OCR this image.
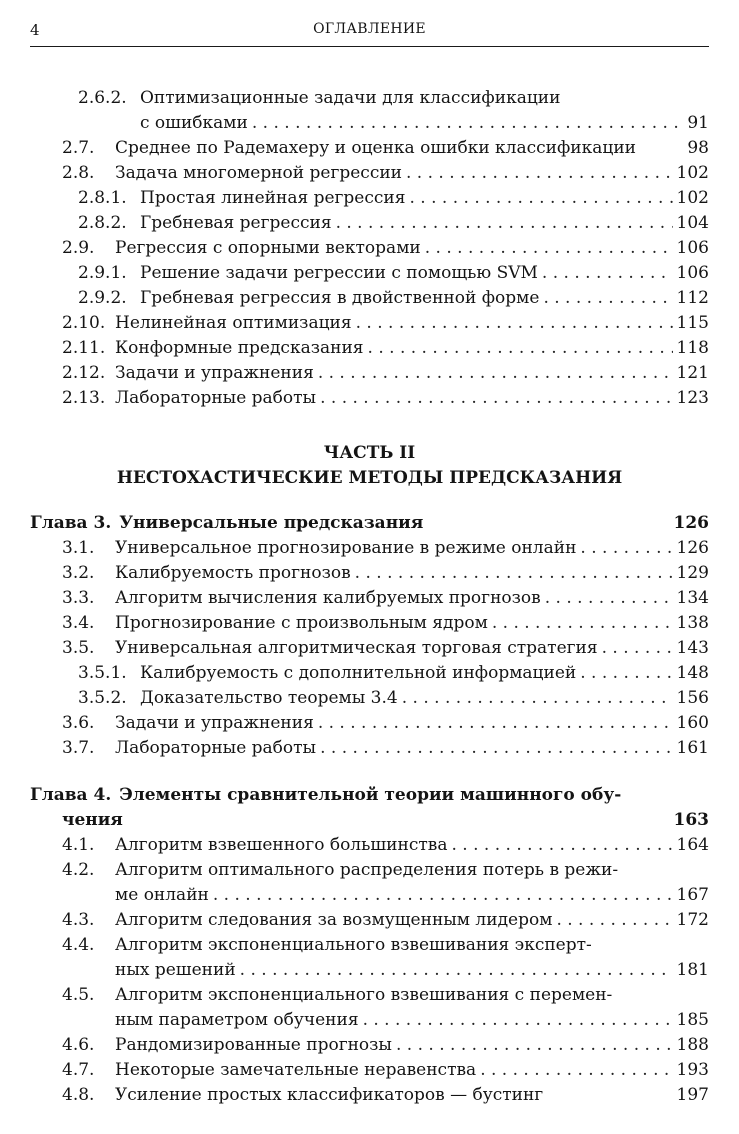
4	ОГЛАВЛЕНИЕ
2.6.2. Оптимизационные задачи для классификации
с ошибками . . .	91
2.7.	Среднее по Радемахеру и оценка ошибки классификации	98
2.8.	Задача многомерной регрессии . . .	102
2.8.1. Простая линейная регрессия . . .	102
2.8.2. Гребневая регрессия . . .	104
2.9.	Регрессия с опорными векторами . . .	106
2.9.1. Решение задачи регрессии с помощью SVM . . .	106
2.9.2. Гребневая регрессия в двойственной форме . . .	112
2.10. Нелинейная оптимизация . . .	115
2.11. Конформные предсказания . . .	118
2.12. Задачи и упражнения . . .	121
2.13. Лабораторные работы . . .	123
ЧАСТЬ II
НЕСТОХАСТИЧЕСКИЕ МЕТОДЫ ПРЕДСКАЗАНИЯ
Глава 3. Универсальные предсказания	126
3.1.	Универсальное прогнозирование в режиме онлайн . . .	126
3.2.	Калибруемость прогнозов . . .	129
3.3.	Алгоритм вычисления калибруемых прогнозов . . .	134
3.4.	Прогнозирование с произвольным ядром . . .	138
3.5.	Универсальная алгоритмическая торговая стратегия . . .	143
3.5.1. Калибруемость с дополнительной информацией . . .	148
3.5.2. Доказательство теоремы 3.4 . . .	156
3.6.	Задачи и упражнения . . .	160
3.7.	Лабораторные работы . . .	161
Глава 4. Элементы сравнительной теории машинного обу-
чения	163
4.1.	Алгоритм взвешенного большинства . . .	164
4.2.	Алгоритм оптимального распределения потерь в режи-
ме онлайн . . .	167
4.3.	Алгоритм следования за возмущенным лидером . . .	172
4.4.	Алгоритм экспоненциального взвешивания эксперт-
ных решений . . .	181
4.5.	Алгоритм экспоненциального взвешивания с перемен-
ным параметром обучения . . .	185
4.6.	Рандомизированные прогнозы . . .	188
4.7.	Некоторые замечательные неравенства . . .	193
4.8.	Усиление простых классификаторов — бустинг	197
